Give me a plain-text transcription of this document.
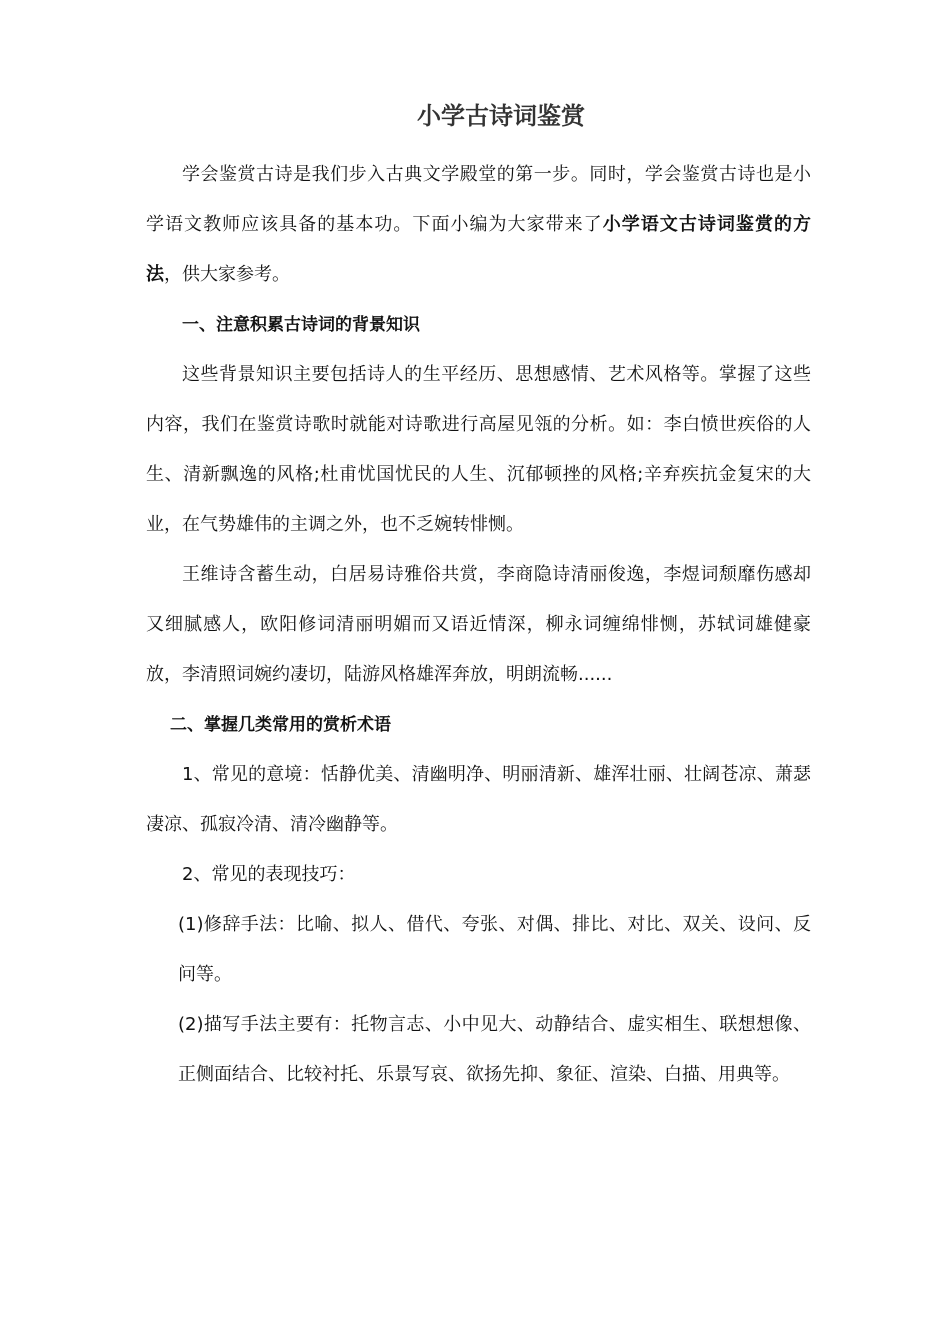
小学古诗词鉴赏

学会鉴赏古诗是我们步入古典文学殿堂的第一步。同时，学会鉴赏古诗也是小学语文教师应该具备的基本功。下面小编为大家带来了小学语文古诗词鉴赏的方法，供大家参考。

一、注意积累古诗词的背景知识

这些背景知识主要包括诗人的生平经历、思想感情、艺术风格等。掌握了这些内容，我们在鉴赏诗歌时就能对诗歌进行高屋见瓴的分析。如：李白愤世疾俗的人生、清新飘逸的风格;杜甫忧国忧民的人生、沉郁顿挫的风格;辛弃疾抗金复宋的大业，在气势雄伟的主调之外，也不乏婉转悱恻。

王维诗含蓄生动，白居易诗雅俗共赏，李商隐诗清丽俊逸，李煜词颓靡伤感却又细腻感人，欧阳修词清丽明媚而又语近情深，柳永词缠绵悱恻，苏轼词雄健豪放，李清照词婉约凄切，陆游风格雄浑奔放，明朗流畅......

二、掌握几类常用的赏析术语

1、常见的意境：恬静优美、清幽明净、明丽清新、雄浑壮丽、壮阔苍凉、萧瑟凄凉、孤寂冷清、清冷幽静等。

2、常见的表现技巧：

(1)修辞手法：比喻、拟人、借代、夸张、对偶、排比、对比、双关、设问、反问等。

(2)描写手法主要有：托物言志、小中见大、动静结合、虚实相生、联想想像、正侧面结合、比较衬托、乐景写哀、欲扬先抑、象征、渲染、白描、用典等。
